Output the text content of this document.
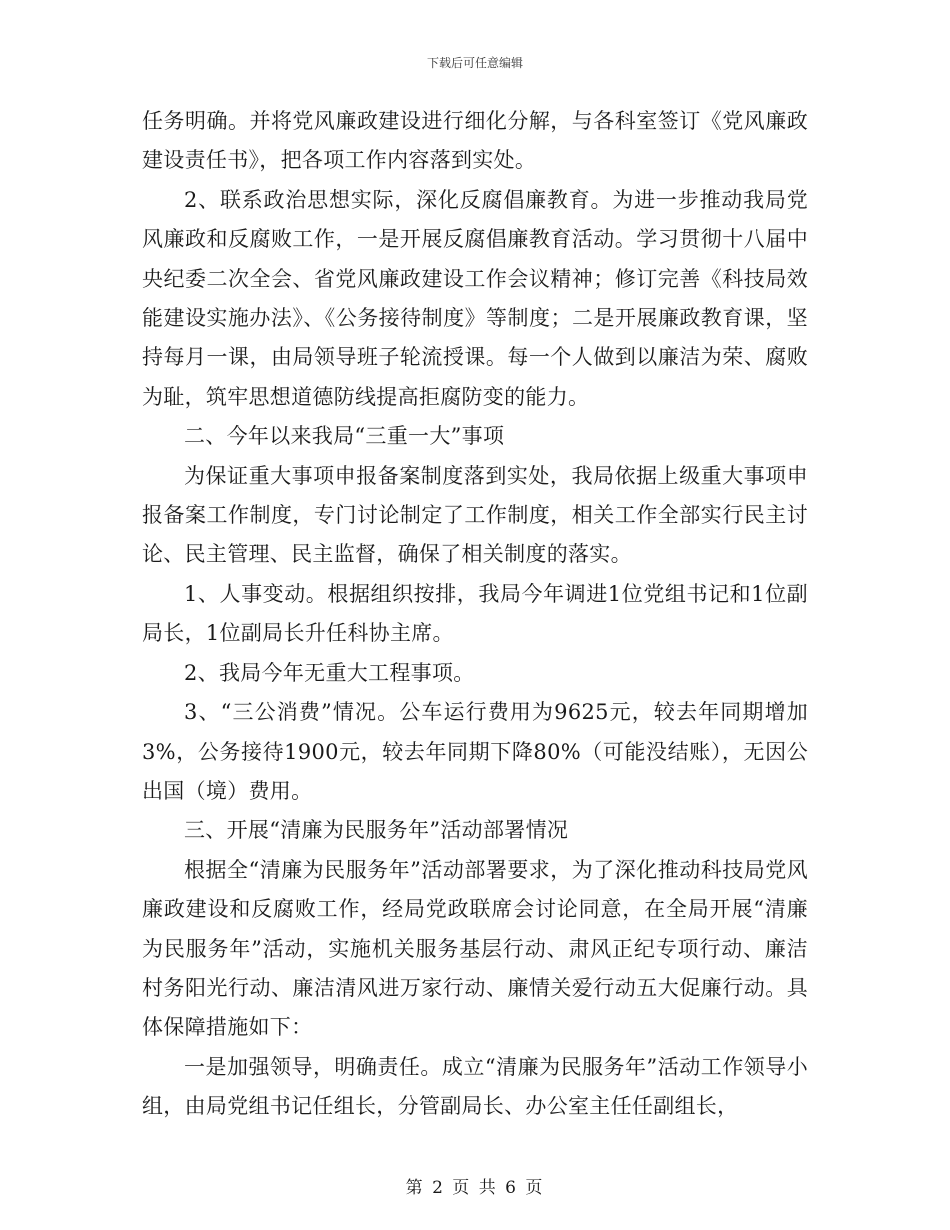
下载后可任意编辑

任务明确。并将党风廉政建设进行细化分解，与各科室签订《党风廉政建设责任书》，把各项工作内容落到实处。

2、联系政治思想实际，深化反腐倡廉教育。为进一步推动我局党风廉政和反腐败工作，一是开展反腐倡廉教育活动。学习贯彻十八届中央纪委二次全会、省党风廉政建设工作会议精神；修订完善《科技局效能建设实施办法》、《公务接待制度》等制度；二是开展廉政教育课，坚持每月一课，由局领导班子轮流授课。每一个人做到以廉洁为荣、腐败为耻，筑牢思想道德防线提高拒腐防变的能力。

二、今年以来我局“三重一大”事项

为保证重大事项申报备案制度落到实处，我局依据上级重大事项申报备案工作制度，专门讨论制定了工作制度，相关工作全部实行民主讨论、民主管理、民主监督，确保了相关制度的落实。

1、人事变动。根据组织按排，我局今年调进1位党组书记和1位副局长，1位副局长升任科协主席。

2、我局今年无重大工程事项。

3、“三公消费”情况。公车运行费用为9625元，较去年同期增加3%，公务接待1900元，较去年同期下降80%（可能没结账），无因公出国（境）费用。

三、开展“清廉为民服务年”活动部署情况

根据全“清廉为民服务年”活动部署要求，为了深化推动科技局党风廉政建设和反腐败工作，经局党政联席会讨论同意，在全局开展“清廉为民服务年”活动，实施机关服务基层行动、肃风正纪专项行动、廉洁村务阳光行动、廉洁清风进万家行动、廉情关爱行动五大促廉行动。具体保障措施如下：

一是加强领导，明确责任。成立“清廉为民服务年”活动工作领导小组，由局党组书记任组长，分管副局长、办公室主任任副组长，

第 2 页 共 6 页
